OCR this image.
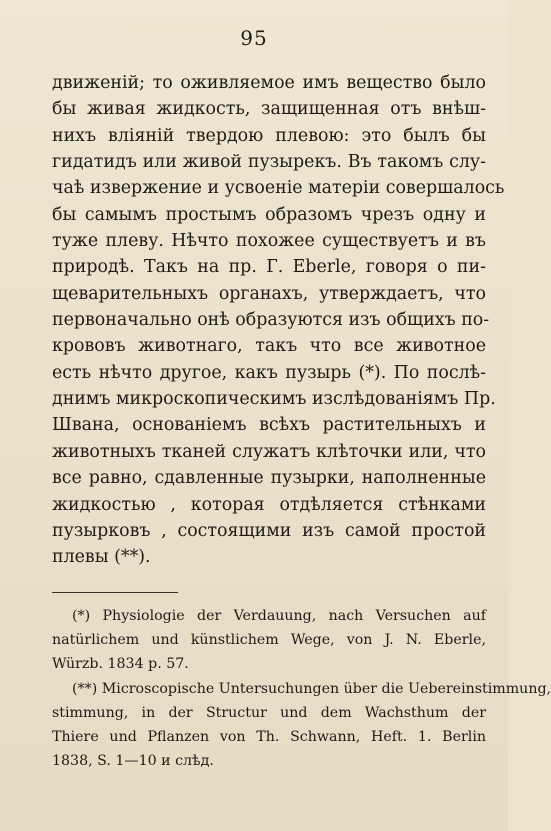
95
движеній; то оживляемое имъ вещество было
бы живая жидкость, защищенная отъ внѣш-
нихъ вліяній твердою плевою: это былъ бы
гидатидъ или живой пузырекъ. Въ такомъ слу-
чаѣ извержение и усвоеніе матеріи совершалось
бы самымъ простымъ образомъ чрезъ одну и
туже плеву. Нѣчто похожее существуетъ и въ
природѣ. Такъ на пр. Г. Eberle, говоря о пи-
щеварительныхъ органахъ, утверждаетъ, что
первоначально онѣ образуются изъ общихъ по-
крововъ животнаго, такъ что все животное
есть нѣчто другое, какъ пузырь (*). По послѣ-
днимъ микроскопическимъ изслѣдованіямъ Пр.
Шванa, основаніемъ всѣхъ растительныхъ и
животныхъ тканей служатъ клѣточки или, что
все равно, сдавленные пузырки, наполненные
жидкостью , которая отдѣляется стѣнками
пузырковъ , состоящими изъ самой простой
плевы (**).
(*) Physiologie der Verdauung, nach Versuchen auf
natürlichem und künstlichem Wege, von J. N. Eberle,
Würzb. 1834 p. 57.
(**) Microscopische Untersuchungen über die Uebereinstimmung,
stimmung, in der Structur und dem Wachsthum der
Thiere und Pflanzen von Th. Schwann, Heft. 1. Berlin
1838, S. 1—10 и слѣд.
